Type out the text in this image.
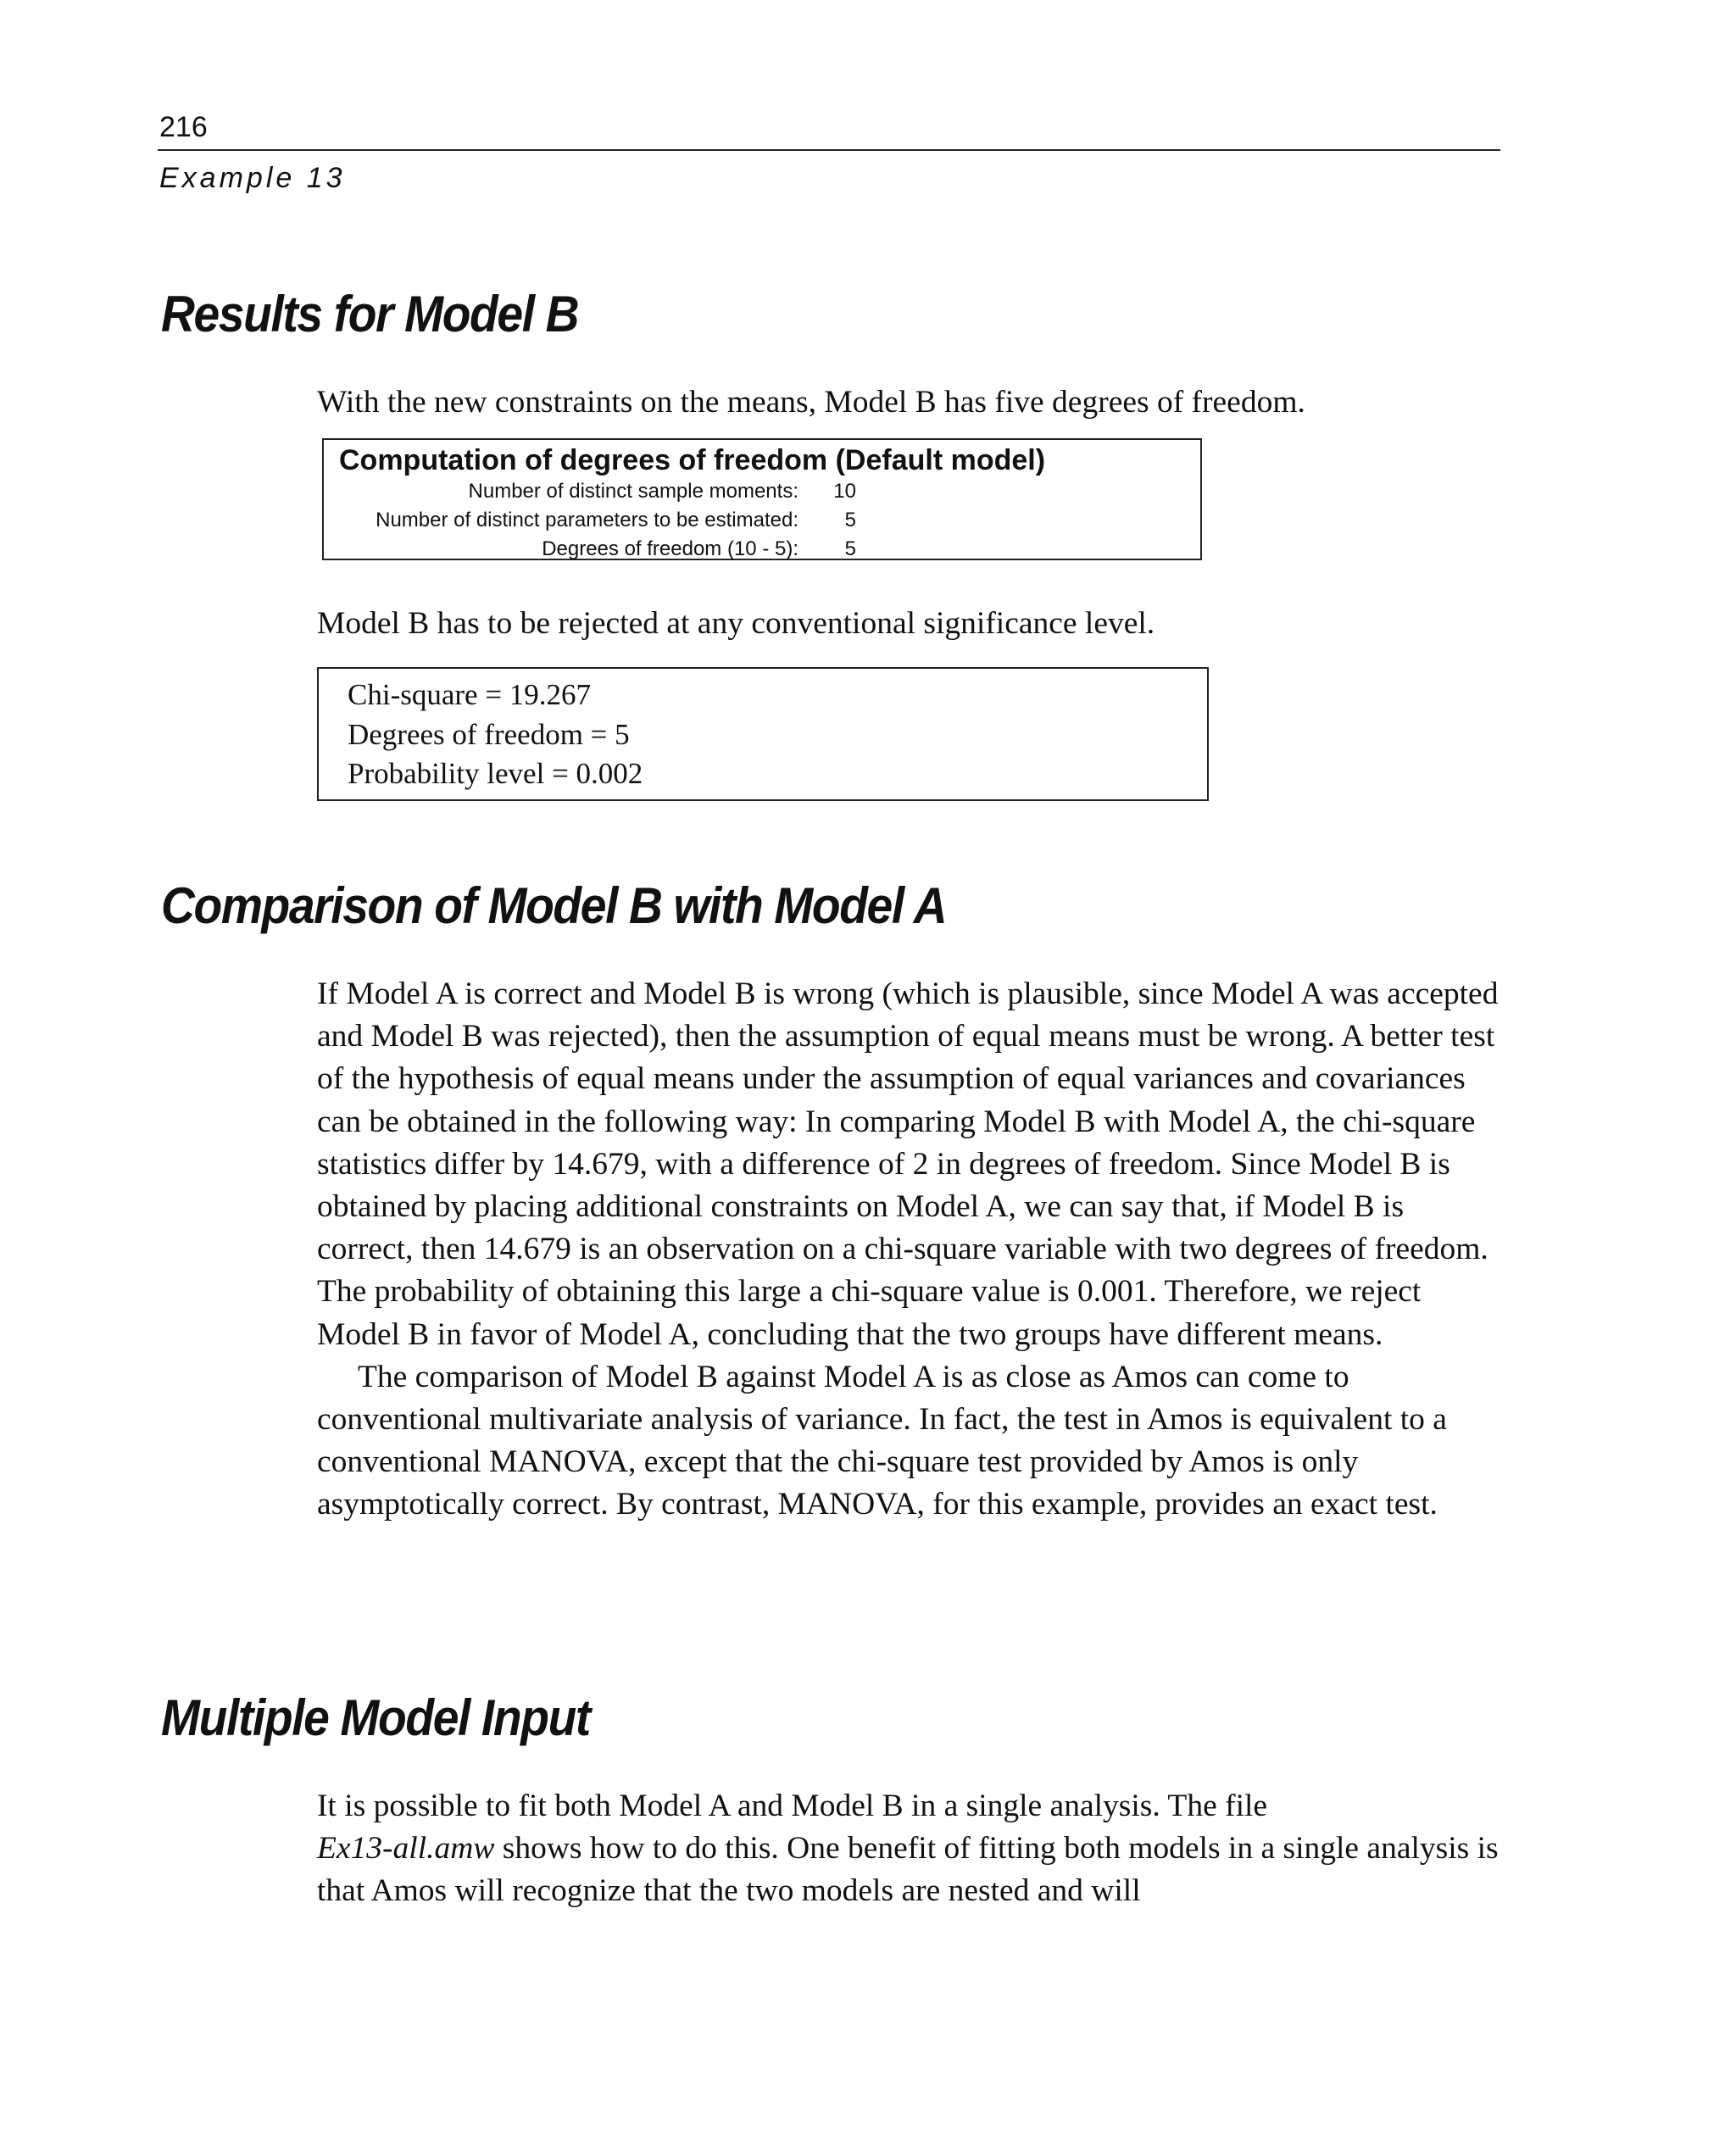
216
Example 13
Results for Model B

With the new constraints on the means, Model B has five degrees of freedom.

Computation of degrees of freedom (Default model)
Number of distinct sample moments: 10
Number of distinct parameters to be estimated: 5
Degrees of freedom (10 - 5): 5

Model B has to be rejected at any conventional significance level.

Chi-square = 19.267
Degrees of freedom = 5
Probability level = 0.002
Comparison of Model B with Model A

If Model A is correct and Model B is wrong (which is plausible, since Model A was accepted and Model B was rejected), then the assumption of equal means must be wrong. A better test of the hypothesis of equal means under the assumption of equal variances and covariances can be obtained in the following way: In comparing Model B with Model A, the chi-square statistics differ by 14.679, with a difference of 2 in degrees of freedom. Since Model B is obtained by placing additional constraints on Model A, we can say that, if Model B is correct, then 14.679 is an observation on a chi-square variable with two degrees of freedom. The probability of obtaining this large a chi-square value is 0.001. Therefore, we reject Model B in favor of Model A, concluding that the two groups have different means.

The comparison of Model B against Model A is as close as Amos can come to conventional multivariate analysis of variance. In fact, the test in Amos is equivalent to a conventional MANOVA, except that the chi-square test provided by Amos is only asymptotically correct. By contrast, MANOVA, for this example, provides an exact test.

Multiple Model Input

It is possible to fit both Model A and Model B in a single analysis. The file
Ex13-all.amw shows how to do this. One benefit of fitting both models in a single analysis is that Amos will recognize that the two models are nested and will
